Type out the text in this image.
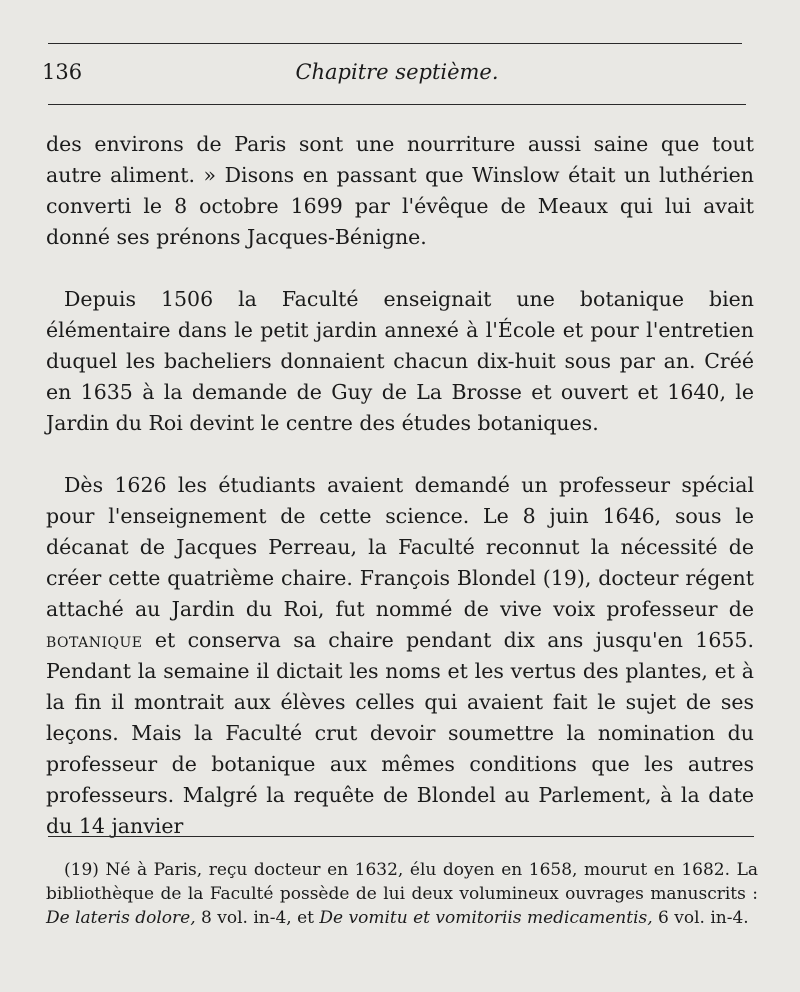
136	Chapitre septième.

des environs de Paris sont une nourriture aussi saine que tout autre aliment. » Disons en passant que Winslow était un luthérien converti le 8 octobre 1699 par l'évêque de Meaux qui lui avait donné ses prénons Jacques-Bénigne.

Depuis 1506 la Faculté enseignait une botanique bien élémentaire dans le petit jardin annexé à l'École et pour l'entretien duquel les bacheliers donnaient chacun dix-huit sous par an. Créé en 1635 à la demande de Guy de La Brosse et ouvert et 1640, le Jardin du Roi devint le centre des études botaniques.

Dès 1626 les étudiants avaient demandé un professeur spécial pour l'enseignement de cette science. Le 8 juin 1646, sous le décanat de Jacques Perreau, la Faculté reconnut la nécessité de créer cette quatrième chaire. François Blondel (19), docteur régent attaché au Jardin du Roi, fut nommé de vive voix professeur de botanique et conserva sa chaire pendant dix ans jusqu'en 1655. Pendant la semaine il dictait les noms et les vertus des plantes, et à la fin il montrait aux élèves celles qui avaient fait le sujet de ses leçons. Mais la Faculté crut devoir soumettre la nomination du professeur de botanique aux mêmes conditions que les autres professeurs. Malgré la requête de Blondel au Parlement, à la date du 14 janvier

(19) Né à Paris, reçu docteur en 1632, élu doyen en 1658, mourut en 1682. La bibliothèque de la Faculté possède de lui deux volumineux ouvrages manuscrits : De lateris dolore, 8 vol. in-4, et De vomitu et vomitoriis medicamentis, 6 vol. in-4.
